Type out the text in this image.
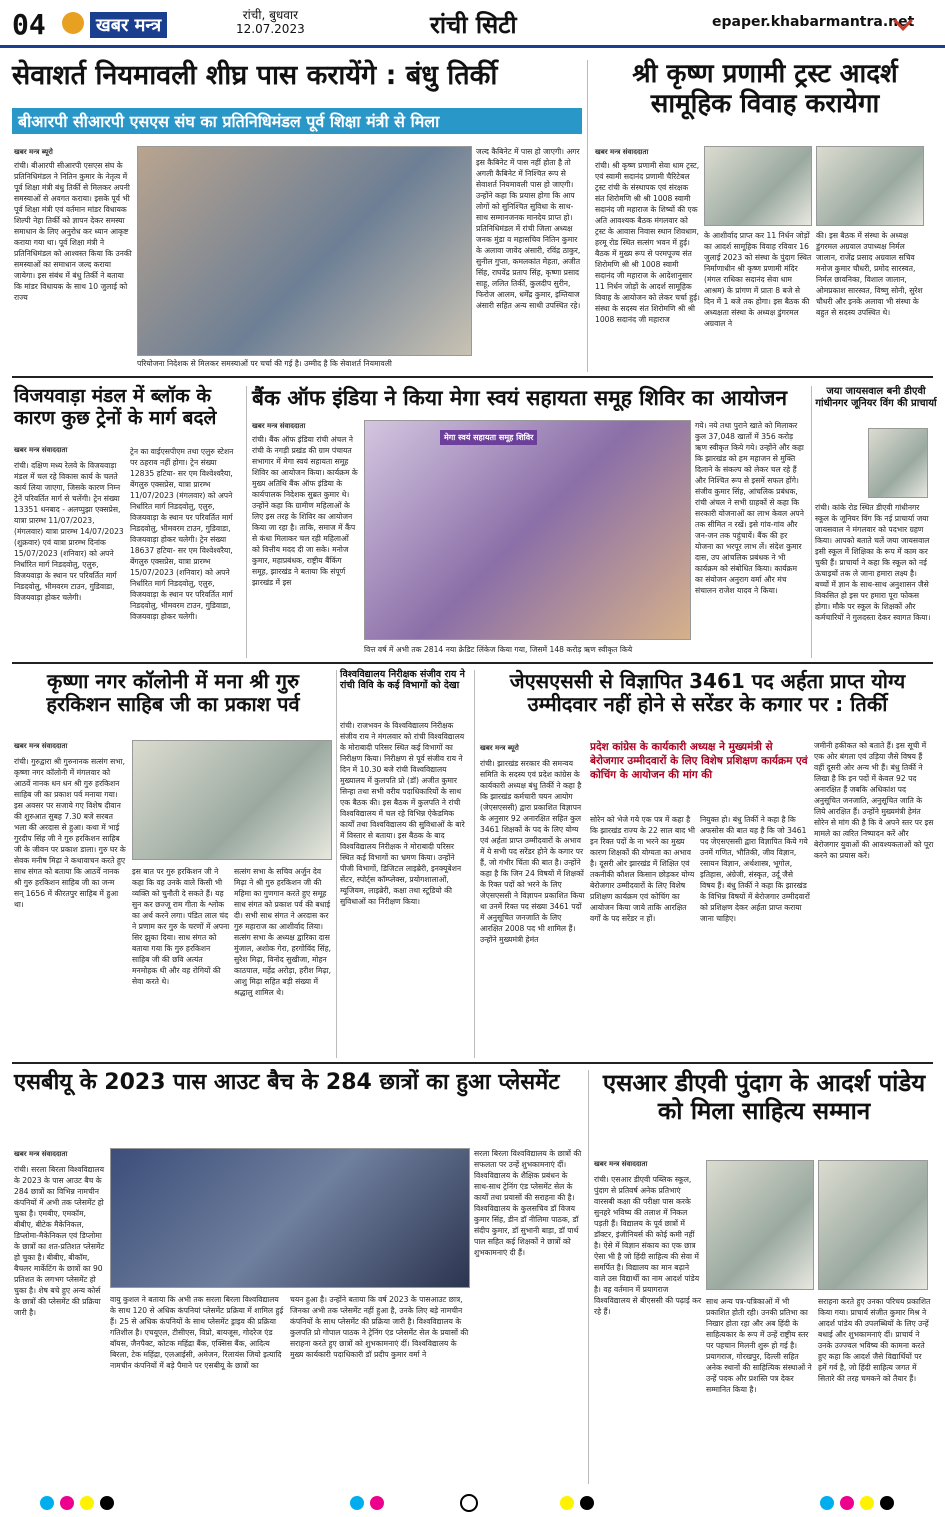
04	खबर मन्त्र	रांची, बुधवार
12.07.2023	रांची सिटी	epaper.khabarmantra.net
सेवाशर्त नियमावली शीघ्र पास करायेंगे : बंधु तिर्की
बीआरपी सीआरपी एसएस संघ का प्रतिनिधिमंडल पूर्व शिक्षा मंत्री से मिला
खबर मन्त्र ब्यूरो
रांची। बीआरपी सीआरपी एसएस संघ के प्रतिनिधिमंडल ने नितिन कुमार के नेतृत्व में पूर्व शिक्षा मंत्री बंधु तिर्की से मिलकर अपनी समस्याओं से अवगत कराया। इसके पूर्व भी पूर्व शिक्षा मंत्री एवं वर्तमान मांडर विधायक शिल्पी नेहा तिर्की को ज्ञापन देकर समस्या समाधान के लिए अनुरोध कर ध्यान आकृष्ट कराया गया था। पूर्व शिक्षा मंत्री ने प्रतिनिधिमंडल को आश्वस्त किया कि उनकी समस्याओं का समाधान जल्द कराया जायेगा। इस संबंध में बंधु तिर्की ने बताया कि मांडर विधायक के साथ 10 जुलाई को राज्य
परियोजना निदेशक से मिलकर समस्याओं पर चर्चा की गई है। उम्मीद है कि सेवाशर्त नियमावली
जल्द कैबिनेट में पास हो जाएगी। अगर इस कैबिनेट में पास नहीं होता है तो अगली कैबिनेट में निश्चित रूप से सेवाशर्त नियमावली पास हो जाएगी। उन्होंने कहा कि प्रयास होगा कि आप लोगों को सुनिश्चित सुविधा के साथ-साथ सम्मानजनक मानदेय प्राप्त हो। प्रतिनिधिमंडल में रांची जिला अध्यक्ष जनक मुंडा व महासचिव नितिन कुमार के अलावा जावेद अंसारी, रविंद्र ठाकुर, सुनील गुप्ता, कमलकांत मेहता, अजीत सिंह, राघवेंद्र प्रताप सिंह, कृष्णा प्रसाद साहू, ललित तिर्की, कुलदीप सुरीन, फिरोज आलम, धर्मेंद्र कुमार, इम्तियाज अंसारी सहित अन्य साथी उपस्थित रहे।
श्री कृष्ण प्रणामी ट्रस्ट आदर्श सामूहिक विवाह करायेगा
खबर मन्त्र संवाददाता
रांची। श्री कृष्ण प्रणामी सेवा धाम ट्रस्ट, एवं स्वामी सदानंद प्रणामी चैरिटेबल ट्रस्ट रांची के संस्थापक एवं संरक्षक संत शिरोमणि श्री श्री 1008 स्वामी सदानंद जी महाराज के शिष्यों की एक अति आवश्यक बैठक मंगलवार को ट्रस्ट के आवास निवास स्थान शिवधाम, हरमू रोड स्थित सत्संग भवन में हुई। बैठक में मुख्य रूप से परमपूज्य संत शिरोमणि श्री श्री 1008 स्वामी सदानंद जी महाराज के आदेशानुसार 11 निर्धन जोड़ों के आदर्श सामूहिक विवाह के आयोजन को लेकर चर्चा हुई। संस्था के सदस्य संत शिरोमणि श्री श्री 1008 सदानंद जी महाराज
के आशीर्वाद प्राप्त कर 11 निर्धन जोड़ों का आदर्श सामूहिक विवाह रविवार 16 जुलाई 2023 को संस्था के पुंदाग स्थित निर्माणाधीन श्री कृष्ण प्रणामी मंदिर (मंगल राधिका सदानंद सेवा धाम आश्रम) के प्रांगण में प्रातः 8 बजे से दिन में 1 बजे तक होगा। इस बैठक की अध्यक्षता संस्था के अध्यक्ष डुंगरमल अग्रवाल ने
की। इस बैठक में संस्था के अध्यक्ष डुंगरमल अग्रवाल उपाध्यक्ष निर्मल जालान, राजेंद्र प्रसाद अग्रवाल सचिव मनोज कुमार चौधरी, प्रमोद सारस्वत, निर्मल छावनिका, विशाल जालान, ओमप्रकाश सारस्वत, विष्णु सोनी, सुरेश चौधरी और इनके अलावा भी संस्था के बहुत से सदस्य उपस्थित थे।
विजयवाड़ा मंडल में ब्लॉक के कारण कुछ ट्रेनों के मार्ग बदले
खबर मन्त्र संवाददाता
रांची। दक्षिण मध्य रेलवे के विजयवाड़ा मंडल में चल रहे विकास कार्य के चलते कार्य लिया जाएगा, जिसके कारण निम्न ट्रेनें परिवर्तित मार्ग से चलेंगी। ट्रेन संख्या 13351 धनबाद - अलप्पुझा एक्सप्रेस, यात्रा प्रारम्भ 11/07/2023, (मंगलवार) यात्रा प्रारम्भ 14/07/2023 (शुक्रवार) एवं यात्रा प्रारम्भ दिनांक 15/07/2023 (शनिवार) को अपने निर्धारित मार्ग निडदवोलु, एलुरु, विजयवाड़ा के स्थान पर परिवर्तित मार्ग निडदवोलु, भीमवरम टाउन, गुडिवाडा, विजयवाड़ा होकर चलेगी।
ट्रेन का वाईएसपीएम तथा एलुरु स्टेशन पर ठहराव नहीं होगा। ट्रेन संख्या 12835 हटिया- सर एम विश्वेश्वरैया, बेंगलुरु एक्सप्रेस, यात्रा प्रारम्भ 11/07/2023 (मंगलवार) को अपने निर्धारित मार्ग निडदवोलु, एलुरु, विजयवाड़ा के स्थान पर परिवर्तित मार्ग निडदवोलु, भीमवरम टाउन, गुडिवाडा, विजयवाड़ा होकर चलेगी। ट्रेन संख्या 18637 हटिया- सर एम विश्वेश्वरैया, बेंगलुरु एक्सप्रेस, यात्रा प्रारम्भ 15/07/2023 (शनिवार) को अपने निर्धारित मार्ग निडदवोलु, एलुरु, विजयवाड़ा के स्थान पर परिवर्तित मार्ग निडदवोलु, भीमवरम टाउन, गुडिवाडा, विजयवाड़ा होकर चलेगी।
बैंक ऑफ इंडिया ने किया मेगा स्वयं सहायता समूह शिविर का आयोजन
खबर मन्त्र संवाददाता
रांची। बैंक ऑफ इंडिया रांची अंचल ने रांची के नगड़ी प्रखंड की ग्राम पंचायत सभागार में मेगा स्वयं सहायता समूह शिविर का आयोजन किया। कार्यक्रम के मुख्य अतिथि बैंक ऑफ इंडिया के कार्यपालक निदेशक सुब्रत कुमार थे। उन्होंने कहा कि ग्रामीण महिलाओं के लिए इस तरह के शिविर का आयोजन किया जा रहा है। ताकि, समाज में कैंप से कंधा मिलाकर चल रही महिलाओं को वित्तीय मदद दी जा सके। मनोज कुमार, महाप्रबंधक, राष्ट्रीय बैंकिंग समूह, झारखंड ने बताया कि संपूर्ण झारखंड में इस
मेगा स्वयं सहायता समूह शिविर
वित्त वर्ष में अभी तक 2814 नया क्रेडिट लिंकेज किया गया, जिसमें 148 करोड़ ऋण स्वीकृत किये
गये। नये तथा पुराने खाते को मिलाकर कुल 37,048 खातों में 356 करोड़ ऋण स्वीकृत किये गये। उन्होंने और कहा कि झारखंड को हम महाजन से मुक्ति दिलाने के संकल्प को लेकर चल रहे हैं और निश्चित रूप से इसमें सफल होंगे। संजीव कुमार सिंह, आंचलिक प्रबंधक, रांची अंचल ने सभी ग्राहकों से कहा कि सरकारी योजनाओं का लाभ केवल अपने तक सीमित न रखें। इसे गांव-गांव और जन-जन तक पहुंचायें। बैंक की हर योजना का भरपूर लाभ लें। संदेश कुमार दास, उप आंचलिक प्रबंधक ने भी कार्यक्रम को संबोधित किया। कार्यक्रम का संयोजन अनुराग वर्मा और मंच संचालन राजेश यादव ने किया।
जया जायसवाल बनी डीएवी गांधीनगर जूनियर विंग की प्राचार्या
रांची। कांके रोड स्थित डीएवी गांधीनगर स्कूल के जूनियर विंग कि नई प्राचार्या जया जायसवाल ने मंगलवार को पदभार ग्रहण किया। आपको बताते चलें जया जायसवाल इसी स्कूल में शिक्षिका के रूप में काम कर चुकी हैं। प्राचार्या ने कहा कि स्कूल को नई ऊंचाइयों तक ले जाना हमारा लक्ष्य है। बच्चों में ज्ञान के साथ-साथ अनुशासन जैसे विकसित हो इस पर हमारा पूरा फोकस होगा। मौके पर स्कूल के शिक्षकों और कर्मचारियों ने गुलदस्ता देकर स्वागत किया।
कृष्णा नगर कॉलोनी में मना श्री गुरु हरकिशन साहिब जी का प्रकाश पर्व
खबर मन्त्र संवाददाता
रांची। गुरुद्वारा श्री गुरुनानक सत्संग सभा, कृष्णा नगर कॉलोनी में मंगलवार को आठवें नानक धन धन श्री गुरु हरकिशन साहिब जी का प्रकाश पर्व मनाया गया। इस अवसर पर सजाये गए विशेष दीवान की शुरुआत सुबह 7.30 बजे सरबत भला की अरदास से हुआ। कथा में भाई गुरदीप सिंह जी ने गुरु हरकिशन साहिब जी के जीवन पर प्रकाश डाला। गुरु घर के सेवक मनीष मिढ़ा ने कथावाचन करते हुए साध संगत को बताया कि आठवें नानक श्री गुरु हरकिशन साहिब जी का जन्म सन् 1656 में कीरतपुर साहिब में हुआ था।
इस बात पर गुरु हरकिशन जी ने कहा कि वह उनके वाले किसी भी व्यक्ति को चुनौती दे सकते हैं। यह सुन कर छज्जू राम गीता के श्लोक का अर्थ करने लगा। पंडित लाल चंद ने प्रणाम कर गुरु के चरणों में अपना सिर झुका दिया। साध संगत को बताया गया कि गुरु हरकिशन साहिब जी की छवि अत्यंत मनमोहक थी और वह रोगियों की सेवा करते थे।
सत्संग सभा के सचिव अर्जुन देव मिढ़ा ने श्री गुरु हरकिशन जी की महिमा का गुणगान करते हुए समूह साध संगत को प्रकाश पर्व की बधाई दी। सभी साध संगत ने अरदास कर गुरु महाराज का आशीर्वाद लिया। सत्संग सभा के अध्यक्ष द्वारिका दास मुंजाल, अशोक गेरा, हरगोविंद सिंह, सुरेश मिढ़ा, विनोद सुखीजा, मोहन काठपाल, महेंद्र अरोड़ा, हरीश मिढ़ा, आशु मिढ़ा सहित बड़ी संख्या में श्रद्धालु शामिल थे।
विश्वविद्यालय निरीक्षक संजीव राय ने रांची विवि के कई विभागों को देखा
रांची। राजभवन के विश्वविद्यालय निरीक्षक संजीव राय ने मंगलवार को रांची विश्वविद्यालय के मोराबादी परिसर स्थित कई विभागों का निरीक्षण किया। निरीक्षण से पूर्व संजीव राय ने दिन में 10.30 बजे रांची विश्वविद्यालय मुख्यालय में कुलपति प्रो (डॉ) अजीत कुमार सिन्हा तथा सभी वरीय पदाधिकारियों के साथ एक बैठक की। इस बैठक में कुलपति ने रांची विश्वविद्यालय में चल रहे विभिन्न ऐकेडमिक कार्यों तथा विश्वविद्यालय की सुविधाओं के बारे में विस्तार से बताया। इस बैठक के बाद विश्वविद्यालय निरीक्षक ने मोराबादी परिसर स्थित कई विभागों का भ्रमण किया। उन्होंने पीजी विभागों, डिजिटल लाइब्रेरी, इनक्यूबेशन सेंटर, स्पोर्ट्स कॉम्प्लेक्स, प्रयोगशालाओं, म्यूजियम, लाइब्रेरी, कक्षा तथा स्टूडियो की सुविधाओं का निरीक्षण किया।
जेएसएससी से विज्ञापित 3461 पद अर्हता प्राप्त योग्य उम्मीदवार नहीं होने से सरेंडर के कगार पर : तिर्की
खबर मन्त्र ब्यूरो
रांची। झारखंड सरकार की समन्वय समिति के सदस्य एवं प्रदेश कांग्रेस के कार्यकारी अध्यक्ष बंधु तिर्की ने कहा है कि झारखंड कर्मचारी चयन आयोग (जेएसएससी) द्वारा प्रकाशित विज्ञापन के अनुसार 92 अनारक्षित सहित कुल 3461 शिक्षकों के पद के लिए योग्य एवं अर्हता प्राप्त उम्मीदवारों के अभाव में ये सभी पद सरेंडर होने के कगार पर हैं, जो गंभीर चिंता की बात है। उन्होंने कहा है कि जिन 24 विषयों में शिक्षकों के रिक्त पदों को भरने के लिए जेएसएससी ने विज्ञापन प्रकाशित किया था उनमें रिक्त पद संख्या 3461 पदों में अनुसूचित जनजाति के लिए आरक्षित 2008 पद भी शामिल हैं। उन्होंने मुख्यमंत्री हेमंत
प्रदेश कांग्रेस के कार्यकारी अध्यक्ष ने मुख्यमंत्री से बेरोजगार उम्मीदवारों के लिए विशेष प्रशिक्षण कार्यक्रम एवं कोचिंग के आयोजन की मांग की
सोरेन को भेजे गये एक पत्र में कहा है कि झारखंड राज्य के 22 साल बाद भी इन रिक्त पदों के ना भरने का मुख्य कारण शिक्षकों की योग्यता का अभाव है। दूसरी ओर झारखंड में शिक्षित एवं तकनीकी कौशल किसान छोड़कर योग्य बेरोजगार उम्मीदवारों के लिए विशेष प्रशिक्षण कार्यक्रम एवं कोचिंग का आयोजन किया जाये ताकि आरक्षित वर्गों के पद सरेंडर न हों।
नियुक्त हो। बंधु तिर्की ने कहा है कि अफसोस की बात यह है कि जो 3461 पद जेएसएससी द्वारा विज्ञापित किये गये उनमें गणित, भौतिकी, जीव विज्ञान, रसायन विज्ञान, अर्थशास्त्र, भूगोल, इतिहास, अंग्रेजी, संस्कृत, उर्दू जैसे विषय हैं। बंधु तिर्की ने कहा कि झारखंड के विभिन्न विषयों में बेरोजगार उम्मीदवारों को प्रशिक्षण देकर अर्हता प्राप्त कराया जाना चाहिए।
जमीनी हकीकत को बताते हैं। इस सूची में एक ओर बंगला एवं उड़िया जैसे विषय हैं वहीं दूसरी ओर अन्य भी हैं। बंधु तिर्की ने लिखा है कि इन पदों में केवल 92 पद अनारक्षित हैं जबकि अधिकांश पद अनुसूचित जनजाति, अनुसूचित जाति के लिये आरक्षित हैं। उन्होंने मुख्यमंत्री हेमंत सोरेन से मांग की है कि वे अपने स्तर पर इस मामले का त्वरित निष्पादन करें और बेरोजगार युवाओं की आवश्यकताओं को पूरा करने का प्रयास करें।
एसबीयू के 2023 पास आउट बैच के 284 छात्रों का हुआ प्लेसमेंट
खबर मन्त्र संवाददाता
रांची। सरला बिरला विश्वविद्यालय के 2023 के पास आउट बैच के 284 छात्रों का विभिन्न नामचीन कंपनियों में अभी तक प्लेसमेंट हो चुका है। एमबीए, एमकॉम, बीबीए, बीटेक मैकेनिकल, डिप्लोमा-मैकेनिकल एवं डिप्लोमा के छात्रों का शत-प्रतिशत प्लेसमेंट हो चुका है। बीबीए, बीकॉम, बैचलर मार्केटिंग के छात्रों का 90 प्रतिशत के लगभग प्लेसमेंट हो चुका है। शेष बचे हुए अन्य कोर्स के छात्रों की प्लेसमेंट की प्रक्रिया जारी है।
वायु कुशल ने बताया कि अभी तक सरला बिरला विश्वविद्यालय के साथ 120 से अधिक कंपनियां प्लेसमेंट प्रक्रिया में शामिल हुई हैं। 25 से अधिक कंपनियों के साथ प्लेसमेंट ड्राइव की प्रक्रिया गतिशील है। एचयूएल, टीसीएस, विप्रो, बायजूस, गोदरेज एंड बॉयस, जैनपैक्ट, कोटक महिंद्रा बैंक, एक्सिस बैंक, आदित्य बिरला, टेक महिंद्रा, एलआईसी, अमेजन, रिलायंस जियो इत्यादि नामचीन कंपनियों में बड़े पैमाने पर एसबीयू के छात्रों का
चयन हुआ है। उन्होंने बताया कि वर्ष 2023 के पासआउट छात्र, जिनका अभी तक प्लेसमेंट नहीं हुआ है, उनके लिए बड़े नामचीन कंपनियों के साथ प्लेसमेंट की प्रक्रिया जारी है। विश्वविद्यालय के कुलपति प्रो गोपाल पाठक ने ट्रेनिंग एंड प्लेसमेंट सेल के प्रयासों की सराहना करते हुए छात्रों को शुभकामनाएं दीं। विश्वविद्यालय के मुख्य कार्यकारी पदाधिकारी डॉ प्रदीप कुमार वर्मा ने
सरला बिरला विश्वविद्यालय के छात्रों की सफलता पर उन्हें शुभकामनाएं दीं। विश्वविद्यालय के शैक्षिक प्रबंधन के साथ-साथ ट्रेनिंग एंड प्लेसमेंट सेल के कार्यों तथा प्रयासों की सराहना की है। विश्वविद्यालय के कुलसचिव डॉ विजय कुमार सिंह, डीन डॉ नीलिमा पाठक, डॉ संदीप कुमार, डॉ सुभानी बाड़ा, डॉ पार्थ पाल सहित कई शिक्षकों ने छात्रों को शुभकामनाएं दी हैं।
एसआर डीएवी पुंदाग के आदर्श पांडेय को मिला साहित्य सम्मान
खबर मन्त्र संवाददाता
रांची। एसआर डीएवी पब्लिक स्कूल, पुंदाग से प्रतिवर्ष अनेक प्रतिभाएं वारसबी कक्षा की परीक्षा पास करके सुनहरे भविष्य की तलाश में निकल पड़ती हैं। विद्यालय के पूर्व छात्रों में डॉक्टर, इंजीनियर्स की कोई कमी नहीं है। ऐसे में विज्ञान संकाय का एक छात्र ऐसा भी है जो हिंदी साहित्य की सेवा में समर्पित है। विद्यालय का मान बढ़ाने वाले उस विद्यार्थी का नाम आदर्श पांडेय है। वह वर्तमान में प्रयागराज विश्वविद्यालय से बीएससी की पढ़ाई कर रहे हैं।
साथ अन्य पत्र-पत्रिकाओं में भी प्रकाशित होती रही। उनकी प्रतिभा का निखार होता रहा और अब हिंदी के साहित्यकार के रूप में उन्हें राष्ट्रीय स्तर पर पहचान मिलनी शुरू हो गई है। प्रयागराज, गोरखपुर, दिल्ली सहित अनेक स्थानों की साहित्यिक संस्थाओं ने उन्हें पदक और प्रशस्ति पत्र देकर सम्मानित किया है।
सराहना करते हुए उनका परिचय प्रकाशित किया गया। प्राचार्य संजीत कुमार मिश्र ने आदर्श पांडेय की उपलब्धियों के लिए उन्हें बधाई और शुभकामनाएं दीं। प्राचार्य ने उनके उज्ज्वल भविष्य की कामना करते हुए कहा कि आदर्श जैसे विद्यार्थियों पर हमें गर्व है, जो हिंदी साहित्य जगत में सितारे की तरह चमकने को तैयार हैं।
